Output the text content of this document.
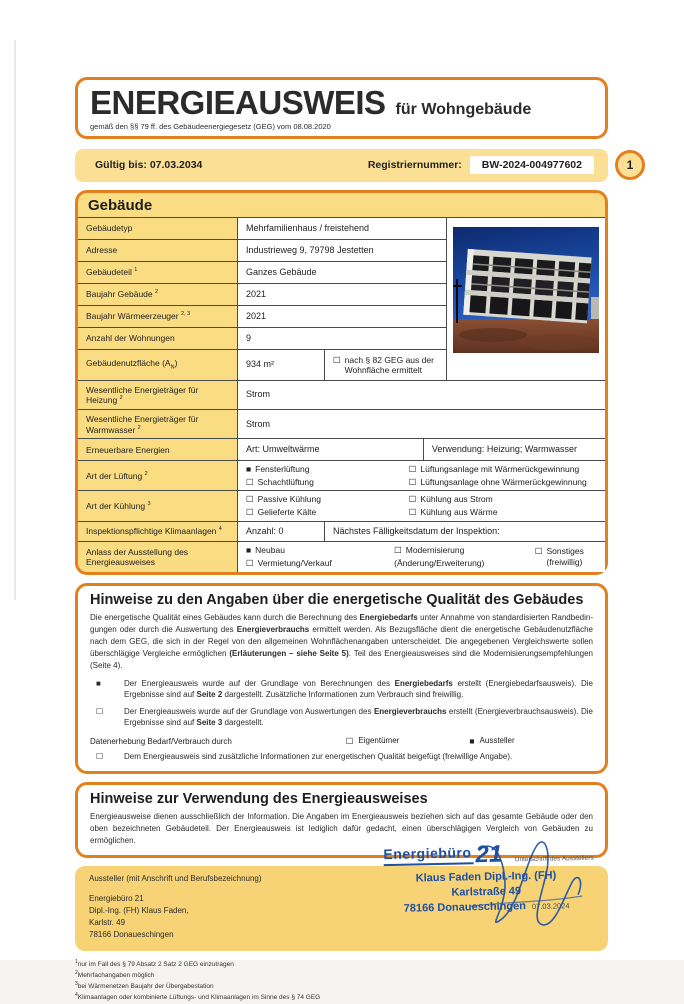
ENERGIEAUSWEIS für Wohngebäude
gemäß den §§ 79 ff. des Gebäudeenergiegesetz (GEG) vom 08.08.2020
Gültig bis: 07.03.2034	Registriernummer:	BW-2024-004977602	1
Gebäude
Gebäudetyp	Mehrfamilienhaus / freistehend
Adresse	Industrieweg 9, 79798 Jestetten
Gebäudeteil $^1$	Ganzes Gebäude
Baujahr Gebäude $^2$	2021
Baujahr Wärmeerzeuger $^{2, 3}$	2021
Anzahl der Wohnungen	9
Gebäudenutzfläche $(A_N)$	934 m²	☐ nach § 82 GEG aus der Wohnfläche ermittelt
Wesentliche Energieträger für Heizung $^2$	Strom
Wesentliche Energieträger für Warmwasser $^2$	Strom
Erneuerbare Energien	Art: Umweltwärme	Verwendung: Heizung; Warmwasser
Art der Lüftung $^2$	■ Fensterlüftung
☐ Schachtlüftung
☐ Lüftungsanlage mit Wärmerückgewinnung
☐ Lüftungsanlage ohne Wärmerückgewinnung
Art der Kühlung $^3$	☐ Passive Kühlung
☐ Gelieferte Kälte
☐ Kühlung aus Strom
☐ Kühlung aus Wärme
Inspektionspflichtige Klimaanlagen $^4$	Anzahl: 0	Nächstes Fälligkeitsdatum der Inspektion:
Anlass der Ausstellung des Energieausweises
■ Neubau
☐ Vermietung/Verkauf
☐ Modernisierung
(Änderung/Erweiterung)
☐ Sonstiges (freiwillig)
Hinweise zu den Angaben über die energetische Qualität des Gebäudes
Die energetische Qualität eines Gebäudes kann durch die Berechnung des Energiebedarfs unter Annahme von standardisierten Randbedin-gungen oder durch die Auswertung des Energieverbrauchs ermittelt werden. Als Bezugsfläche dient die energetische Gebäudenutzfläche nach dem GEG, die sich in der Regel von den allgemeinen Wohnflächenangaben unterscheidet. Die angegebenen Vergleichswerte sollen überschlägige Vergleiche ermöglichen (Erläuterungen – siehe Seite 5). Teil des Energieausweises sind die Modernisierungsempfehlungen (Seite 4).
■	Der Energieausweis wurde auf der Grundlage von Berechnungen des Energiebedarfs erstellt (Energiebedarfsausweis). Die Ergebnisse sind auf Seite 2 dargestellt. Zusätzliche Informationen zum Verbrauch sind freiwillig.
☐	Der Energieausweis wurde auf der Grundlage von Auswertungen des Energieverbrauchs erstellt (Energieverbrauchsausweis). Die Ergebnisse sind auf Seite 3 dargestellt.
Datenerhebung Bedarf/Verbrauch durch	☐ Eigentümer	■ Aussteller
☐	Dem Energieausweis sind zusätzliche Informationen zur energetischen Qualität beigefügt (freiwillige Angabe).
Hinweise zur Verwendung des Energieausweises
Energieausweise dienen ausschließlich der Information. Die Angaben im Energieausweis beziehen sich auf das gesamte Gebäude oder den oben bezeichneten Gebäudeteil. Der Energieausweis ist lediglich dafür gedacht, einen überschlägigen Vergleich von Gebäuden zu ermöglichen.
Aussteller (mit Anschrift und Berufsbezeichnung)
Energiebüro 21
Dipl.-Ing. (FH) Klaus Faden,
Karlstr. 49
78166 Donaueschingen
Energiebüro 21 Unterschrift des Ausstellers
Klaus Faden Dipl.-Ing. (FH)
Karlstraße 49
78166 Donaueschingen 07.03.2024
$^1$nur im Fall des § 79 Absatz 2 Satz 2 GEG einzutragen
$^2$Mehrfachangaben möglich
$^3$bei Wärmenetzen Baujahr der Übergabestation
$^4$Klimaanlagen oder kombinierte Lüftungs- und Klimaanlagen im Sinne des § 74 GEG
